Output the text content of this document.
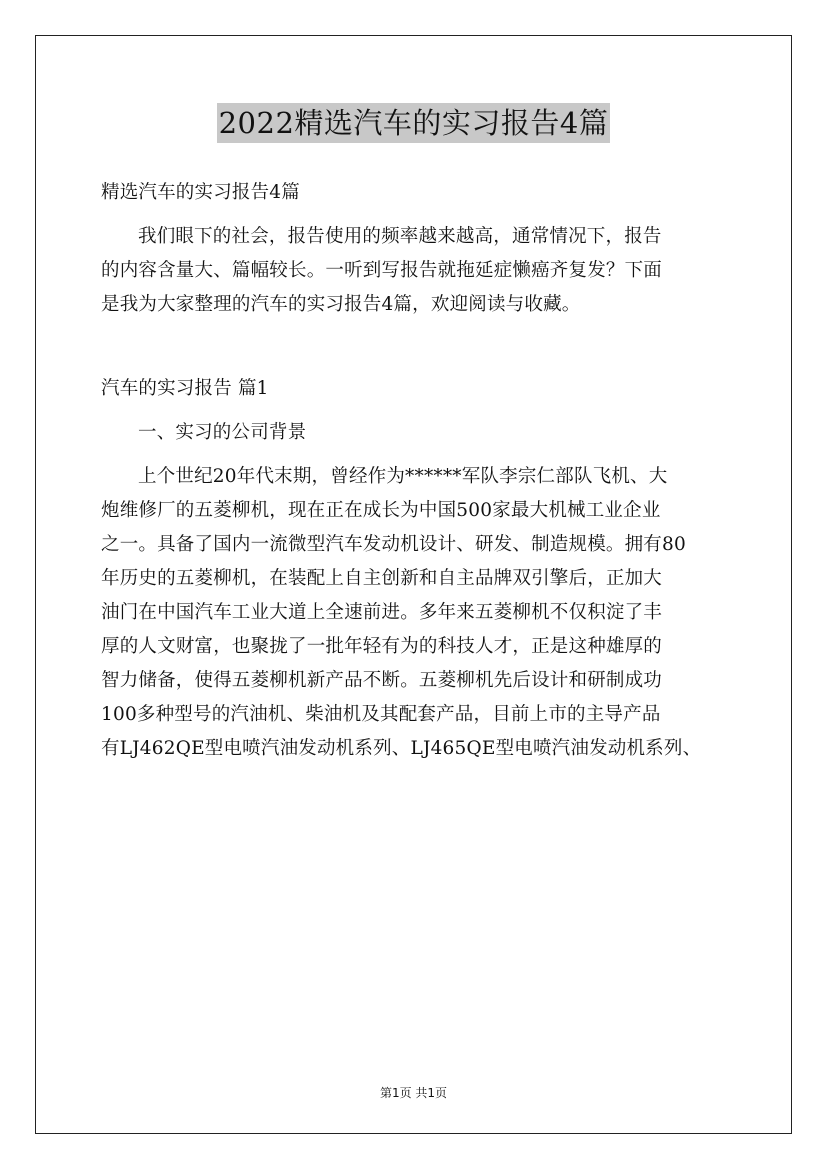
2022精选汽车的实习报告4篇

精选汽车的实习报告4篇

我们眼下的社会，报告使用的频率越来越高，通常情况下，报告

的内容含量大、篇幅较长。一听到写报告就拖延症懒癌齐复发？下面

是我为大家整理的汽车的实习报告4篇，欢迎阅读与收藏。

汽车的实习报告 篇1

一、实习的公司背景

上个世纪20年代末期，曾经作为******军队李宗仁部队飞机、大

炮维修厂的五菱柳机，现在正在成长为中国500家最大机械工业企业

之一。具备了国内一流微型汽车发动机设计、研发、制造规模。拥有80

年历史的五菱柳机，在装配上自主创新和自主品牌双引擎后，正加大

油门在中国汽车工业大道上全速前进。多年来五菱柳机不仅积淀了丰

厚的人文财富，也聚拢了一批年轻有为的科技人才，正是这种雄厚的

智力储备，使得五菱柳机新产品不断。五菱柳机先后设计和研制成功

100多种型号的汽油机、柴油机及其配套产品，目前上市的主导产品

有LJ462QE型电喷汽油发动机系列、LJ465QE型电喷汽油发动机系列、

第1页 共1页
